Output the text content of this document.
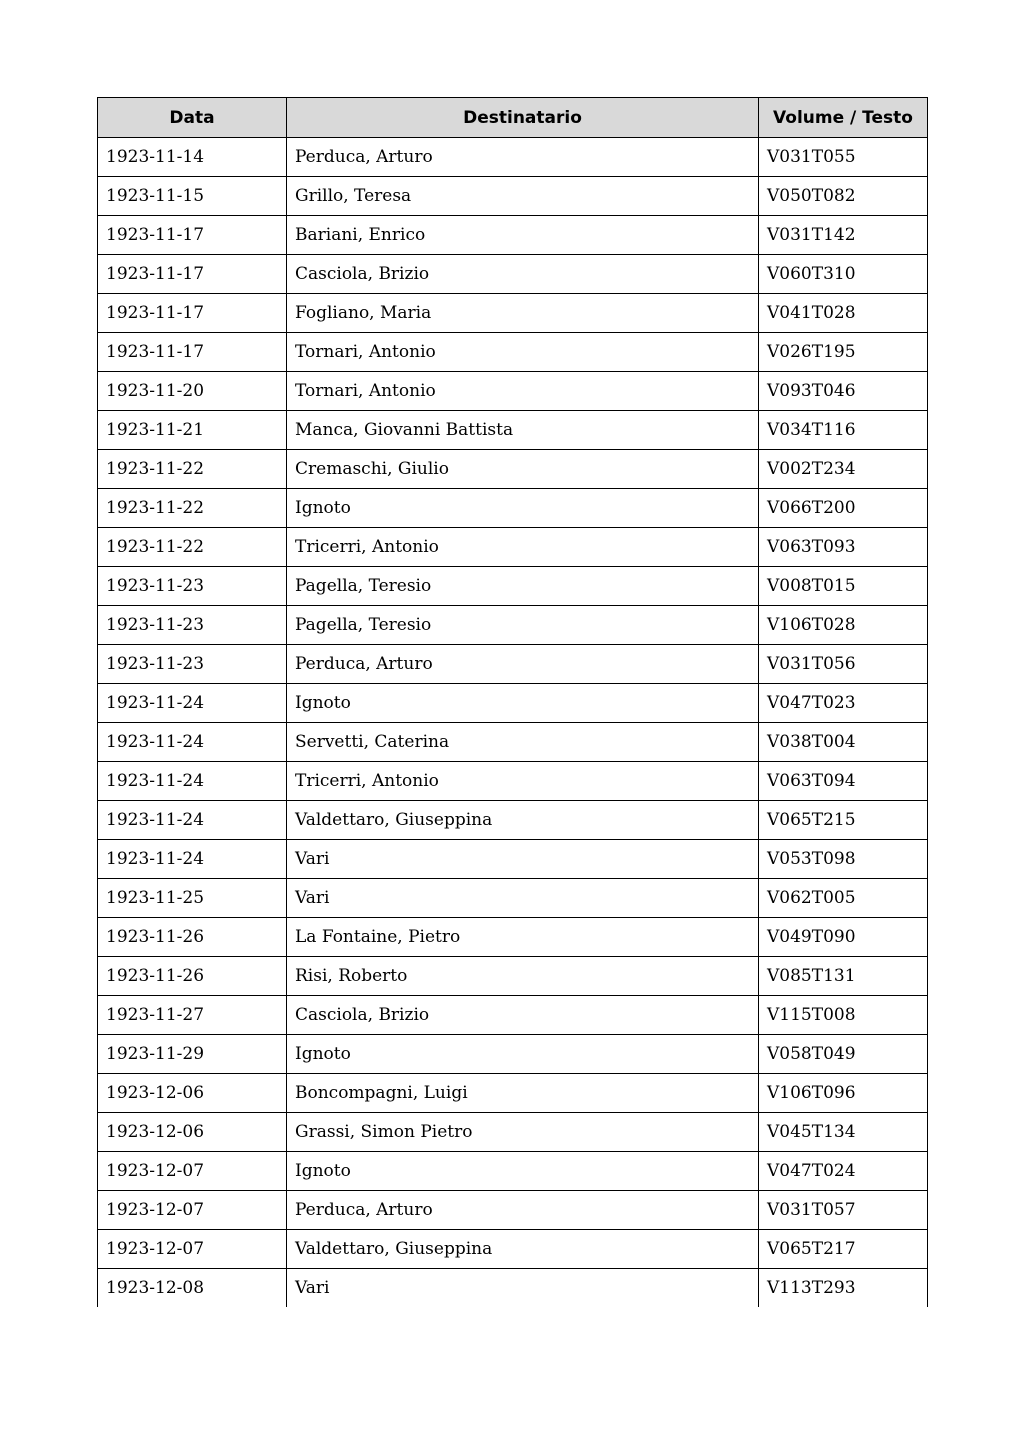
Data	Destinatario	Volume / Testo
1923-11-14	Perduca, Arturo	V031T055
1923-11-15	Grillo, Teresa	V050T082
1923-11-17	Bariani, Enrico	V031T142
1923-11-17	Casciola, Brizio	V060T310
1923-11-17	Fogliano, Maria	V041T028
1923-11-17	Tornari, Antonio	V026T195
1923-11-20	Tornari, Antonio	V093T046
1923-11-21	Manca, Giovanni Battista	V034T116
1923-11-22	Cremaschi, Giulio	V002T234
1923-11-22	Ignoto	V066T200
1923-11-22	Tricerri, Antonio	V063T093
1923-11-23	Pagella, Teresio	V008T015
1923-11-23	Pagella, Teresio	V106T028
1923-11-23	Perduca, Arturo	V031T056
1923-11-24	Ignoto	V047T023
1923-11-24	Servetti, Caterina	V038T004
1923-11-24	Tricerri, Antonio	V063T094
1923-11-24	Valdettaro, Giuseppina	V065T215
1923-11-24	Vari	V053T098
1923-11-25	Vari	V062T005
1923-11-26	La Fontaine, Pietro	V049T090
1923-11-26	Risi, Roberto	V085T131
1923-11-27	Casciola, Brizio	V115T008
1923-11-29	Ignoto	V058T049
1923-12-06	Boncompagni, Luigi	V106T096
1923-12-06	Grassi, Simon Pietro	V045T134
1923-12-07	Ignoto	V047T024
1923-12-07	Perduca, Arturo	V031T057
1923-12-07	Valdettaro, Giuseppina	V065T217
1923-12-08	Vari	V113T293
